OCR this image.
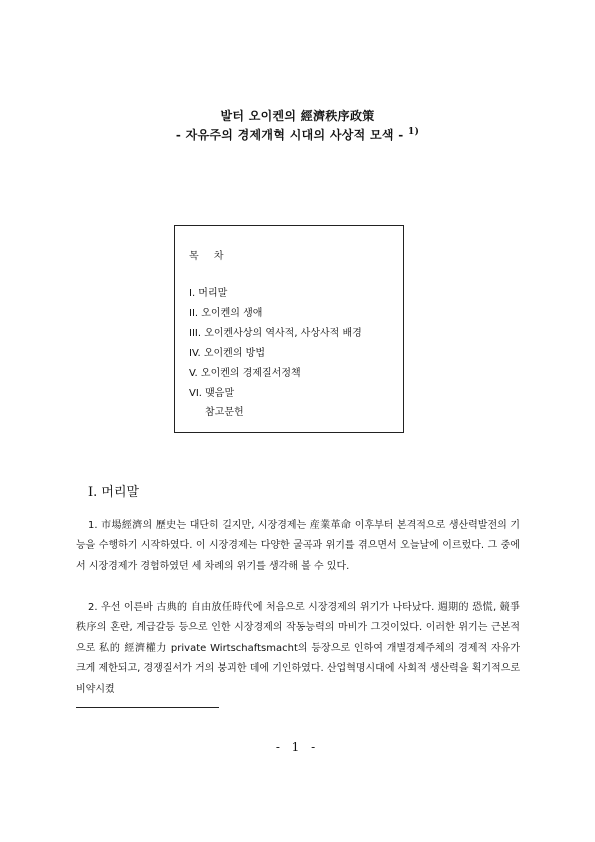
발터 오이켄의 經濟秩序政策
- 자유주의 경제개혁 시대의 사상적 모색 - $^{1)}$
목 차
I. 머리말
II. 오이켄의 생애
III. 오이켄사상의 역사적, 사상사적 배경
IV. 오이켄의 방법
V. 오이켄의 경제질서정책
VI. 맺음말
참고문헌
I. 머리말
1. 市場經濟의 歷史는 대단히 길지만, 시장경제는 産業革命 이후부터 본격적으로 생산력발전의 기능을 수행하기 시작하였다. 이 시장경제는 다양한 굴곡과 위기를 겪으면서 오늘날에 이르렀다. 그 중에서 시장경제가 경험하였던 세 차례의 위기를 생각해 볼 수 있다.
2. 우선 이른바 古典的 自由放任時代에 처음으로 시장경제의 위기가 나타났다. 週期的 恐慌, 競爭秩序의 혼란, 계급갈등 등으로 인한 시장경제의 작동능력의 마비가 그것이었다. 이러한 위기는 근본적으로 私的 經濟權力 private Wirtschaftsmacht의 등장으로 인하여 개별경제주체의 경제적 자유가 크게 제한되고, 경쟁질서가 거의 붕괴한 데에 기인하였다. 산업혁명시대에 사회적 생산력을 획기적으로 비약시켰
- 1 -
